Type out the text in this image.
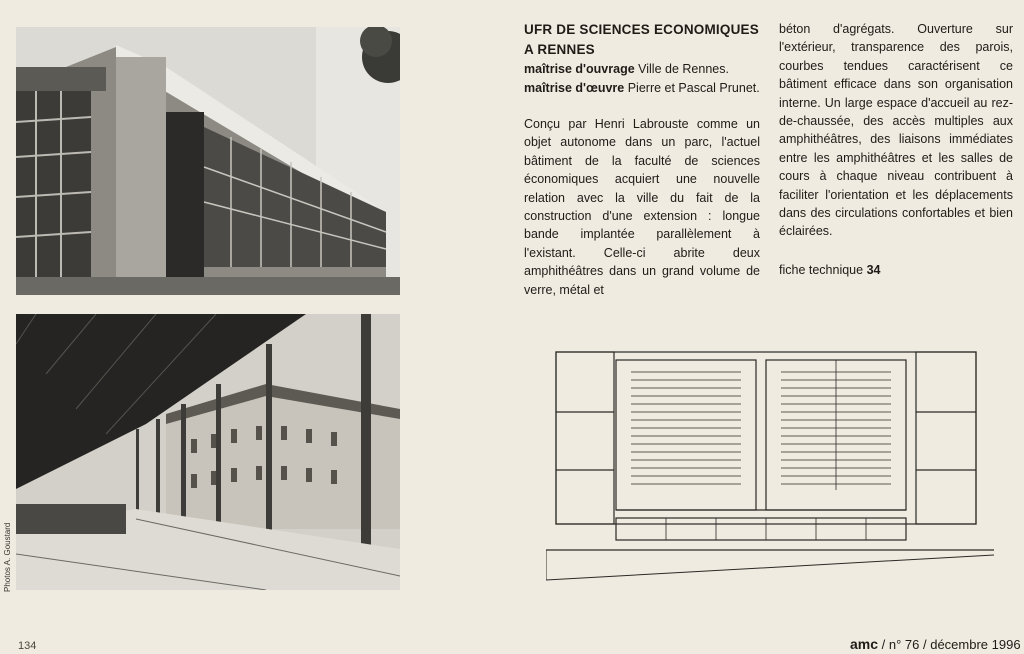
Photos A. Goustard
UFR DE SCIENCES ECONOMIQUES
A RENNES
maîtrise d'ouvrage Ville de Rennes.
maîtrise d'œuvre Pierre et Pascal Prunet.
Conçu par Henri Labrouste comme un objet autonome dans un parc, l'actuel bâtiment de la faculté de sciences économiques acquiert une nouvelle relation avec la ville du fait de la construction d'une extension : longue bande implantée parallèlement à l'existant. Celle-ci abrite deux amphithéâtres dans un grand volume de verre, métal et
béton d'agrégats. Ouverture sur l'extérieur, transparence des parois, courbes tendues caractérisent ce bâtiment efficace dans son organisation interne. Un large espace d'accueil au rez-de-chaussée, des accès multiples aux amphithéâtres, des liaisons immédiates entre les amphithéâtres et les salles de cours à chaque niveau contribuent à faciliter l'orientation et les déplacements dans des circulations confortables et bien éclairées.
fiche technique 34
134	amc / n° 76 / décembre 1996
